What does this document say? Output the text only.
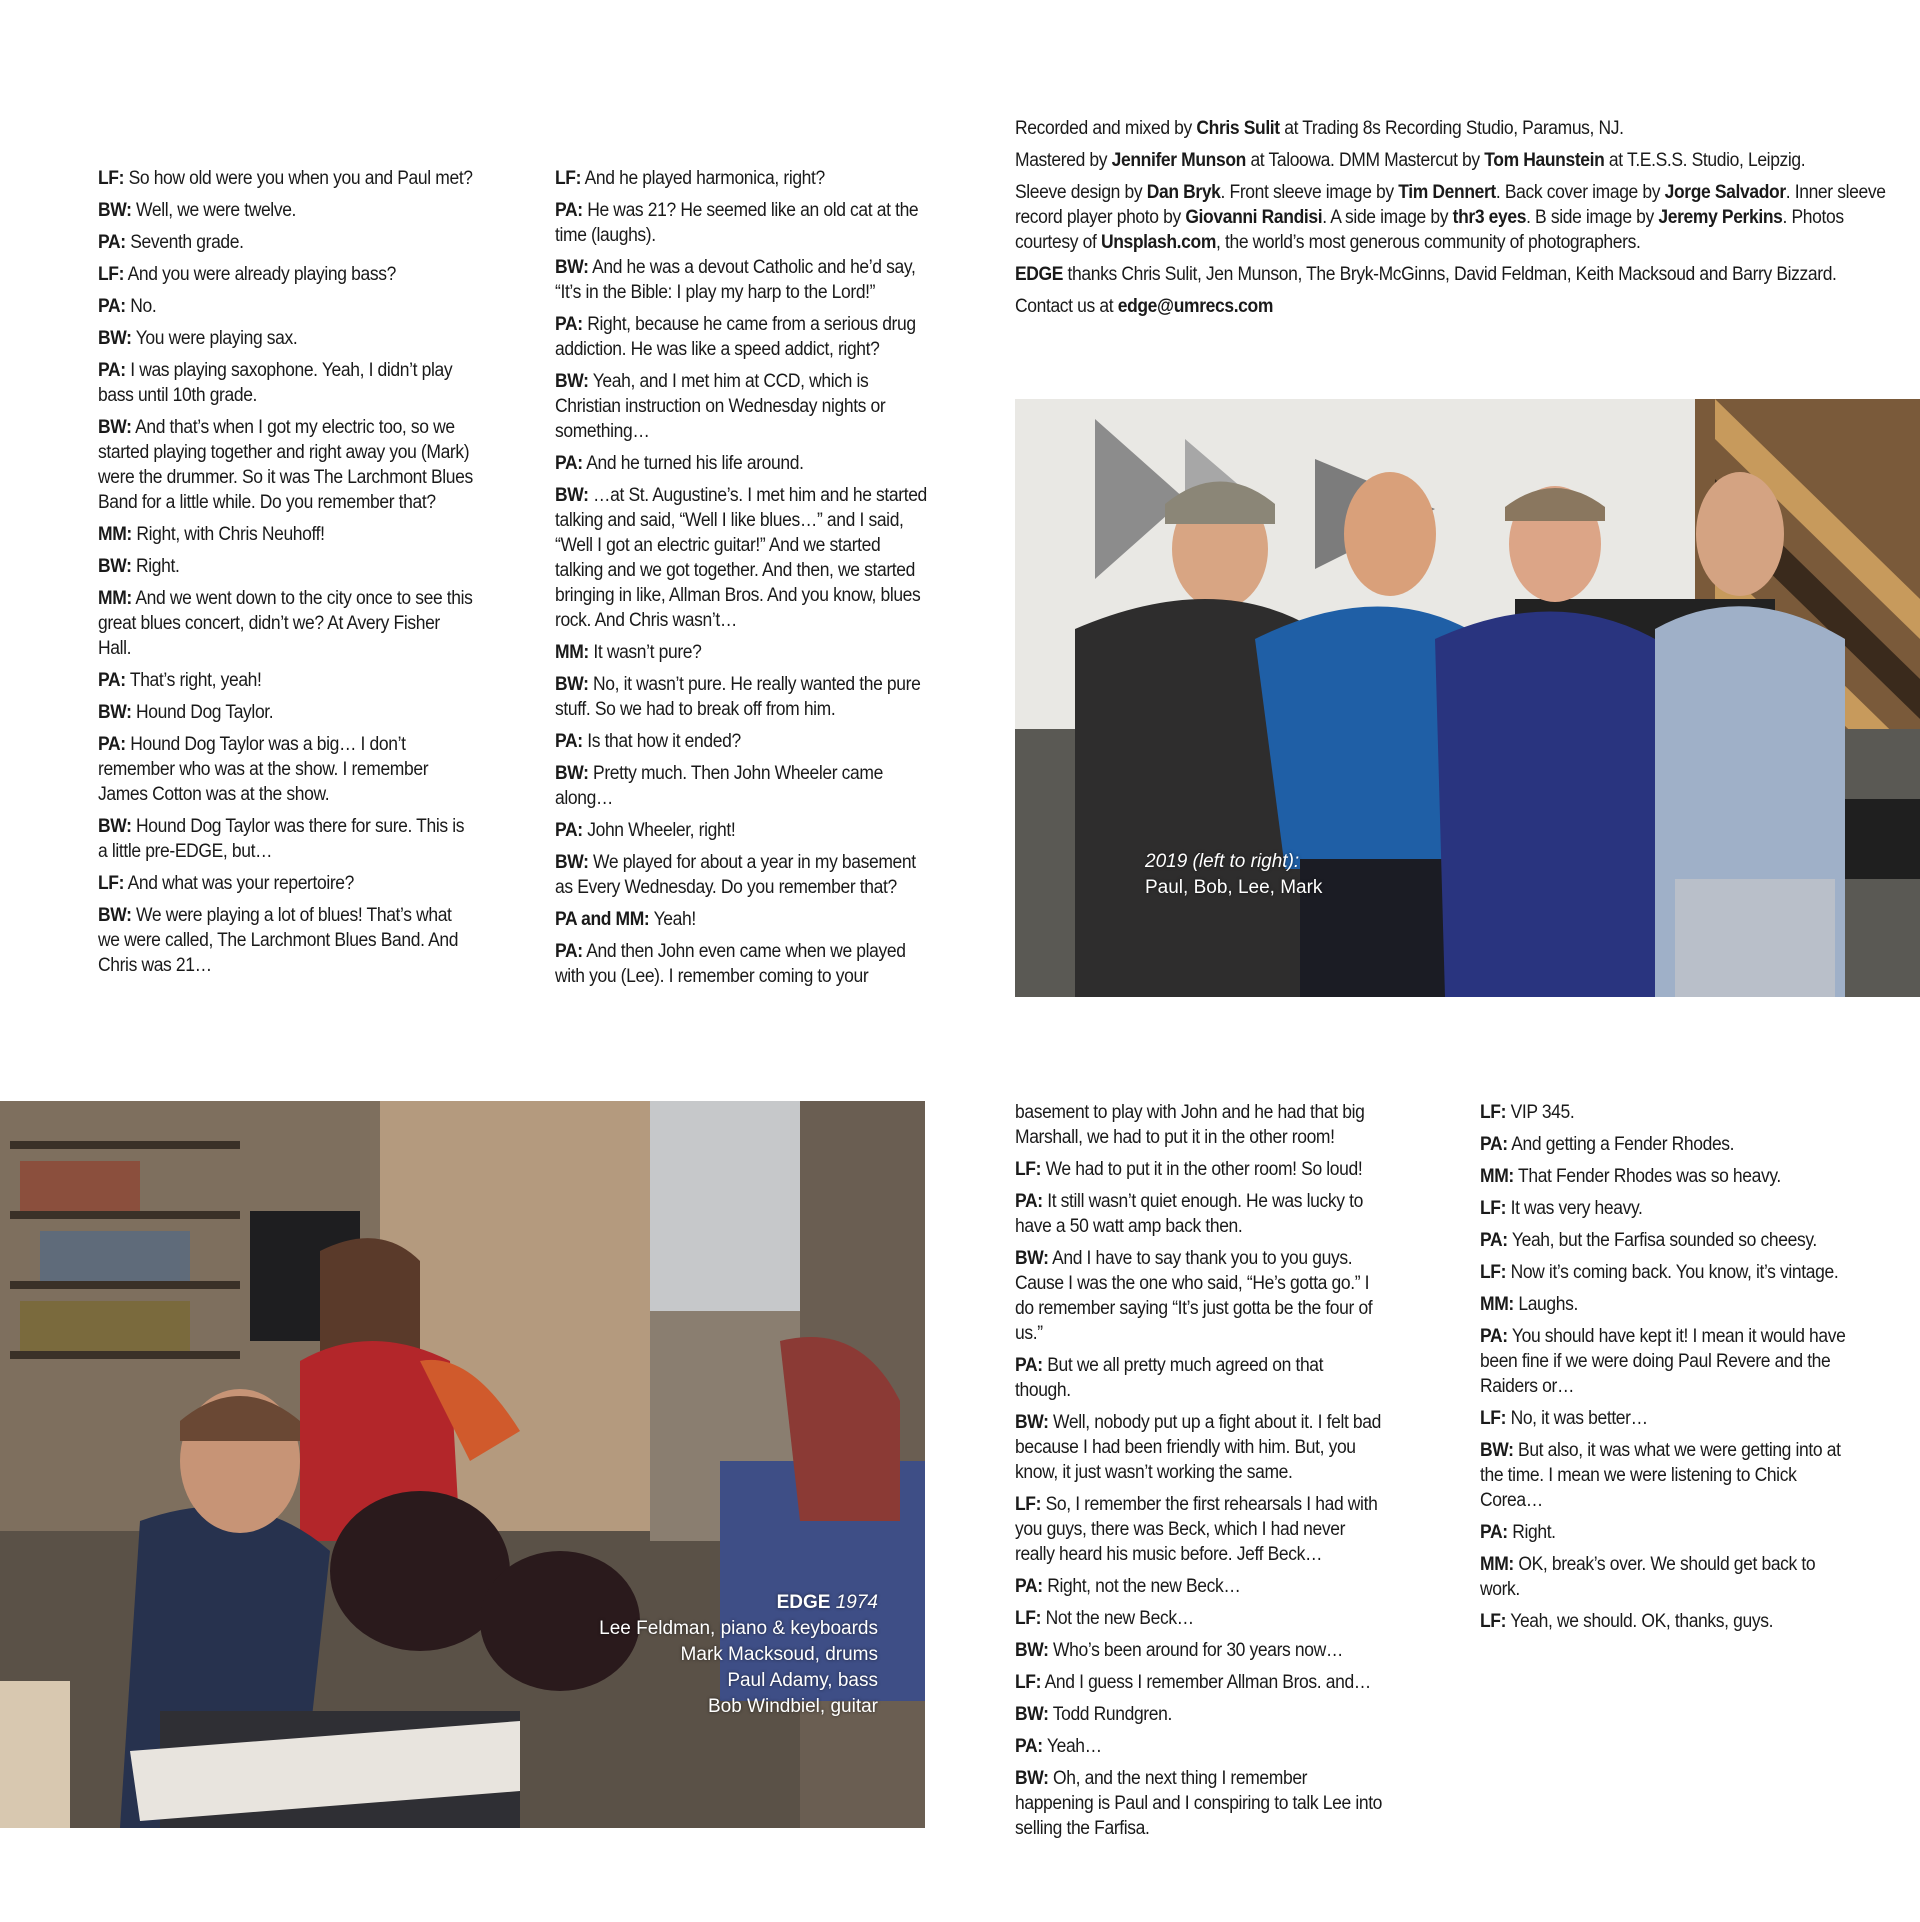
LF: So how old were you when you and Paul met?

BW: Well, we were twelve.

PA: Seventh grade.

LF: And you were already playing bass?

PA: No.

BW: You were playing sax.

PA: I was playing saxophone. Yeah, I didn’t play bass until 10th grade.

BW: And that’s when I got my electric too, so we started playing together and right away you (Mark) were the drummer. So it was The Larchmont Blues Band for a little while. Do you remember that?

MM: Right, with Chris Neuhoff!

BW: Right.

MM: And we went down to the city once to see this great blues concert, didn’t we? At Avery Fisher Hall.

PA: That’s right, yeah!

BW: Hound Dog Taylor.

PA: Hound Dog Taylor was a big… I don’t remember who was at the show. I remember James Cotton was at the show.

BW: Hound Dog Taylor was there for sure. This is a little pre-EDGE, but…

LF: And what was your repertoire?

BW: We were playing a lot of blues! That’s what we were called, The Larchmont Blues Band. And Chris was 21…

LF: And he played harmonica, right?

PA: He was 21? He seemed like an old cat at the time (laughs).

BW: And he was a devout Catholic and he’d say, “It’s in the Bible: I play my harp to the Lord!”

PA: Right, because he came from a serious drug addiction. He was like a speed addict, right?

BW: Yeah, and I met him at CCD, which is Christian instruction on Wednesday nights or something…

PA: And he turned his life around.

BW: …at St. Augustine’s. I met him and he started talking and said, “Well I like blues…” and I said, “Well I got an electric guitar!” And we started talking and we got together. And then, we started bringing in like, Allman Bros. And you know, blues rock. And Chris wasn’t…

MM: It wasn’t pure?

BW: No, it wasn’t pure. He really wanted the pure stuff. So we had to break off from him.

PA: Is that how it ended?

BW: Pretty much. Then John Wheeler came along…

PA: John Wheeler, right!

BW: We played for about a year in my basement as Every Wednesday. Do you remember that?

PA and MM: Yeah!

PA: And then John even came when we played with you (Lee). I remember coming to your

Recorded and mixed by Chris Sulit at Trading 8s Recording Studio, Paramus, NJ.

Mastered by Jennifer Munson at Taloowa. DMM Mastercut by Tom Haunstein at T.E.S.S. Studio, Leipzig.

Sleeve design by Dan Bryk. Front sleeve image by Tim Dennert. Back cover image by Jorge Salvador. Inner sleeve record player photo by Giovanni Randisi. A side image by thr3 eyes. B side image by Jeremy Perkins. Photos courtesy of Unsplash.com, the world’s most generous community of photographers.

EDGE thanks Chris Sulit, Jen Munson, The Bryk-McGinns, David Feldman, Keith Macksoud and Barry Bizzard.

Contact us at edge@umrecs.com

2019 (left to right):
Paul, Bob, Lee, Mark
EDGE 1974
Lee Feldman, piano & keyboards
Mark Macksoud, drums
Paul Adamy, bass
Bob Windbiel, guitar

basement to play with John and he had that big Marshall, we had to put it in the other room!

LF: We had to put it in the other room! So loud!

PA: It still wasn’t quiet enough. He was lucky to have a 50 watt amp back then.

BW: And I have to say thank you to you guys. Cause I was the one who said, “He’s gotta go.” I do remember saying “It’s just gotta be the four of us.”

PA: But we all pretty much agreed on that though.

BW: Well, nobody put up a fight about it. I felt bad because I had been friendly with him. But, you know, it just wasn’t working the same.

LF: So, I remember the first rehearsals I had with you guys, there was Beck, which I had never really heard his music before. Jeff Beck…

PA: Right, not the new Beck…

LF: Not the new Beck…

BW: Who’s been around for 30 years now…

LF: And I guess I remember Allman Bros. and…

BW: Todd Rundgren.

PA: Yeah…

BW: Oh, and the next thing I remember happening is Paul and I conspiring to talk Lee into selling the Farfisa.

LF: VIP 345.

PA: And getting a Fender Rhodes.

MM: That Fender Rhodes was so heavy.

LF: It was very heavy.

PA: Yeah, but the Farfisa sounded so cheesy.

LF: Now it’s coming back. You know, it’s vintage.

MM: Laughs.

PA: You should have kept it! I mean it would have been fine if we were doing Paul Revere and the Raiders or…

LF: No, it was better…

BW: But also, it was what we were getting into at the time. I mean we were listening to Chick Corea…

PA: Right.

MM: OK, break’s over. We should get back to work.

LF: Yeah, we should. OK, thanks, guys.
